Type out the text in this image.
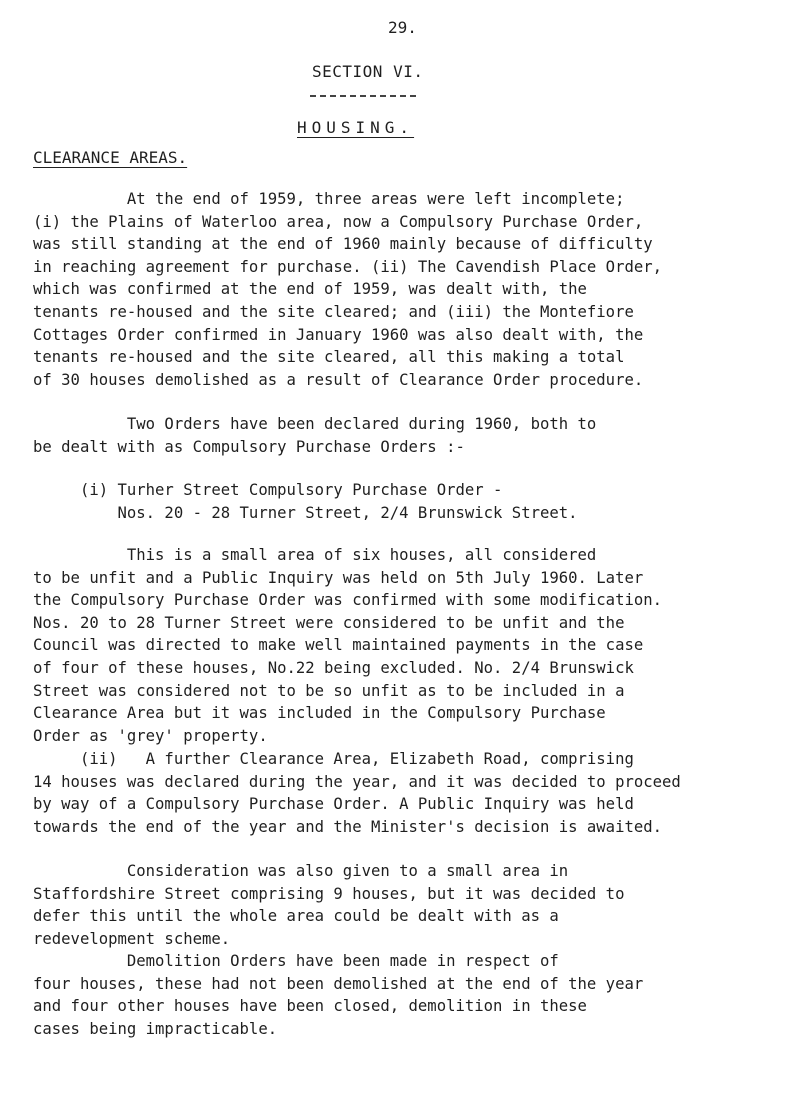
29.
SECTION VI.
HOUSING.
CLEARANCE AREAS.

At the end of 1959, three areas were left incomplete;
(i) the Plains of Waterloo area, now a Compulsory Purchase Order,
was still standing at the end of 1960 mainly because of difficulty
in reaching agreement for purchase. (ii) The Cavendish Place Order,
which was confirmed at the end of 1959, was dealt with, the
tenants re-housed and the site cleared; and (iii) the Montefiore
Cottages Order confirmed in January 1960 was also dealt with, the
tenants re-housed and the site cleared, all this making a total
of 30 houses demolished as a result of Clearance Order procedure.

Two Orders have been declared during 1960, both to
be dealt with as Compulsory Purchase Orders :-

(i) Turher Street Compulsory Purchase Order -
Nos. 20 - 28 Turner Street, 2/4 Brunswick Street.

This is a small area of six houses, all considered
to be unfit and a Public Inquiry was held on 5th July 1960. Later
the Compulsory Purchase Order was confirmed with some modification.
Nos. 20 to 28 Turner Street were considered to be unfit and the
Council was directed to make well maintained payments in the case
of four of these houses, No.22 being excluded. No. 2/4 Brunswick
Street was considered not to be so unfit as to be included in a
Clearance Area but it was included in the Compulsory Purchase
Order as 'grey' property.

(ii)   A further Clearance Area, Elizabeth Road, comprising
14 houses was declared during the year, and it was decided to proceed
by way of a Compulsory Purchase Order. A Public Inquiry was held
towards the end of the year and the Minister's decision is awaited.

Consideration was also given to a small area in
Staffordshire Street comprising 9 houses, but it was decided to
defer this until the whole area could be dealt with as a
redevelopment scheme.

Demolition Orders have been made in respect of
four houses, these had not been demolished at the end of the year
and four other houses have been closed, demolition in these
cases being impracticable.
